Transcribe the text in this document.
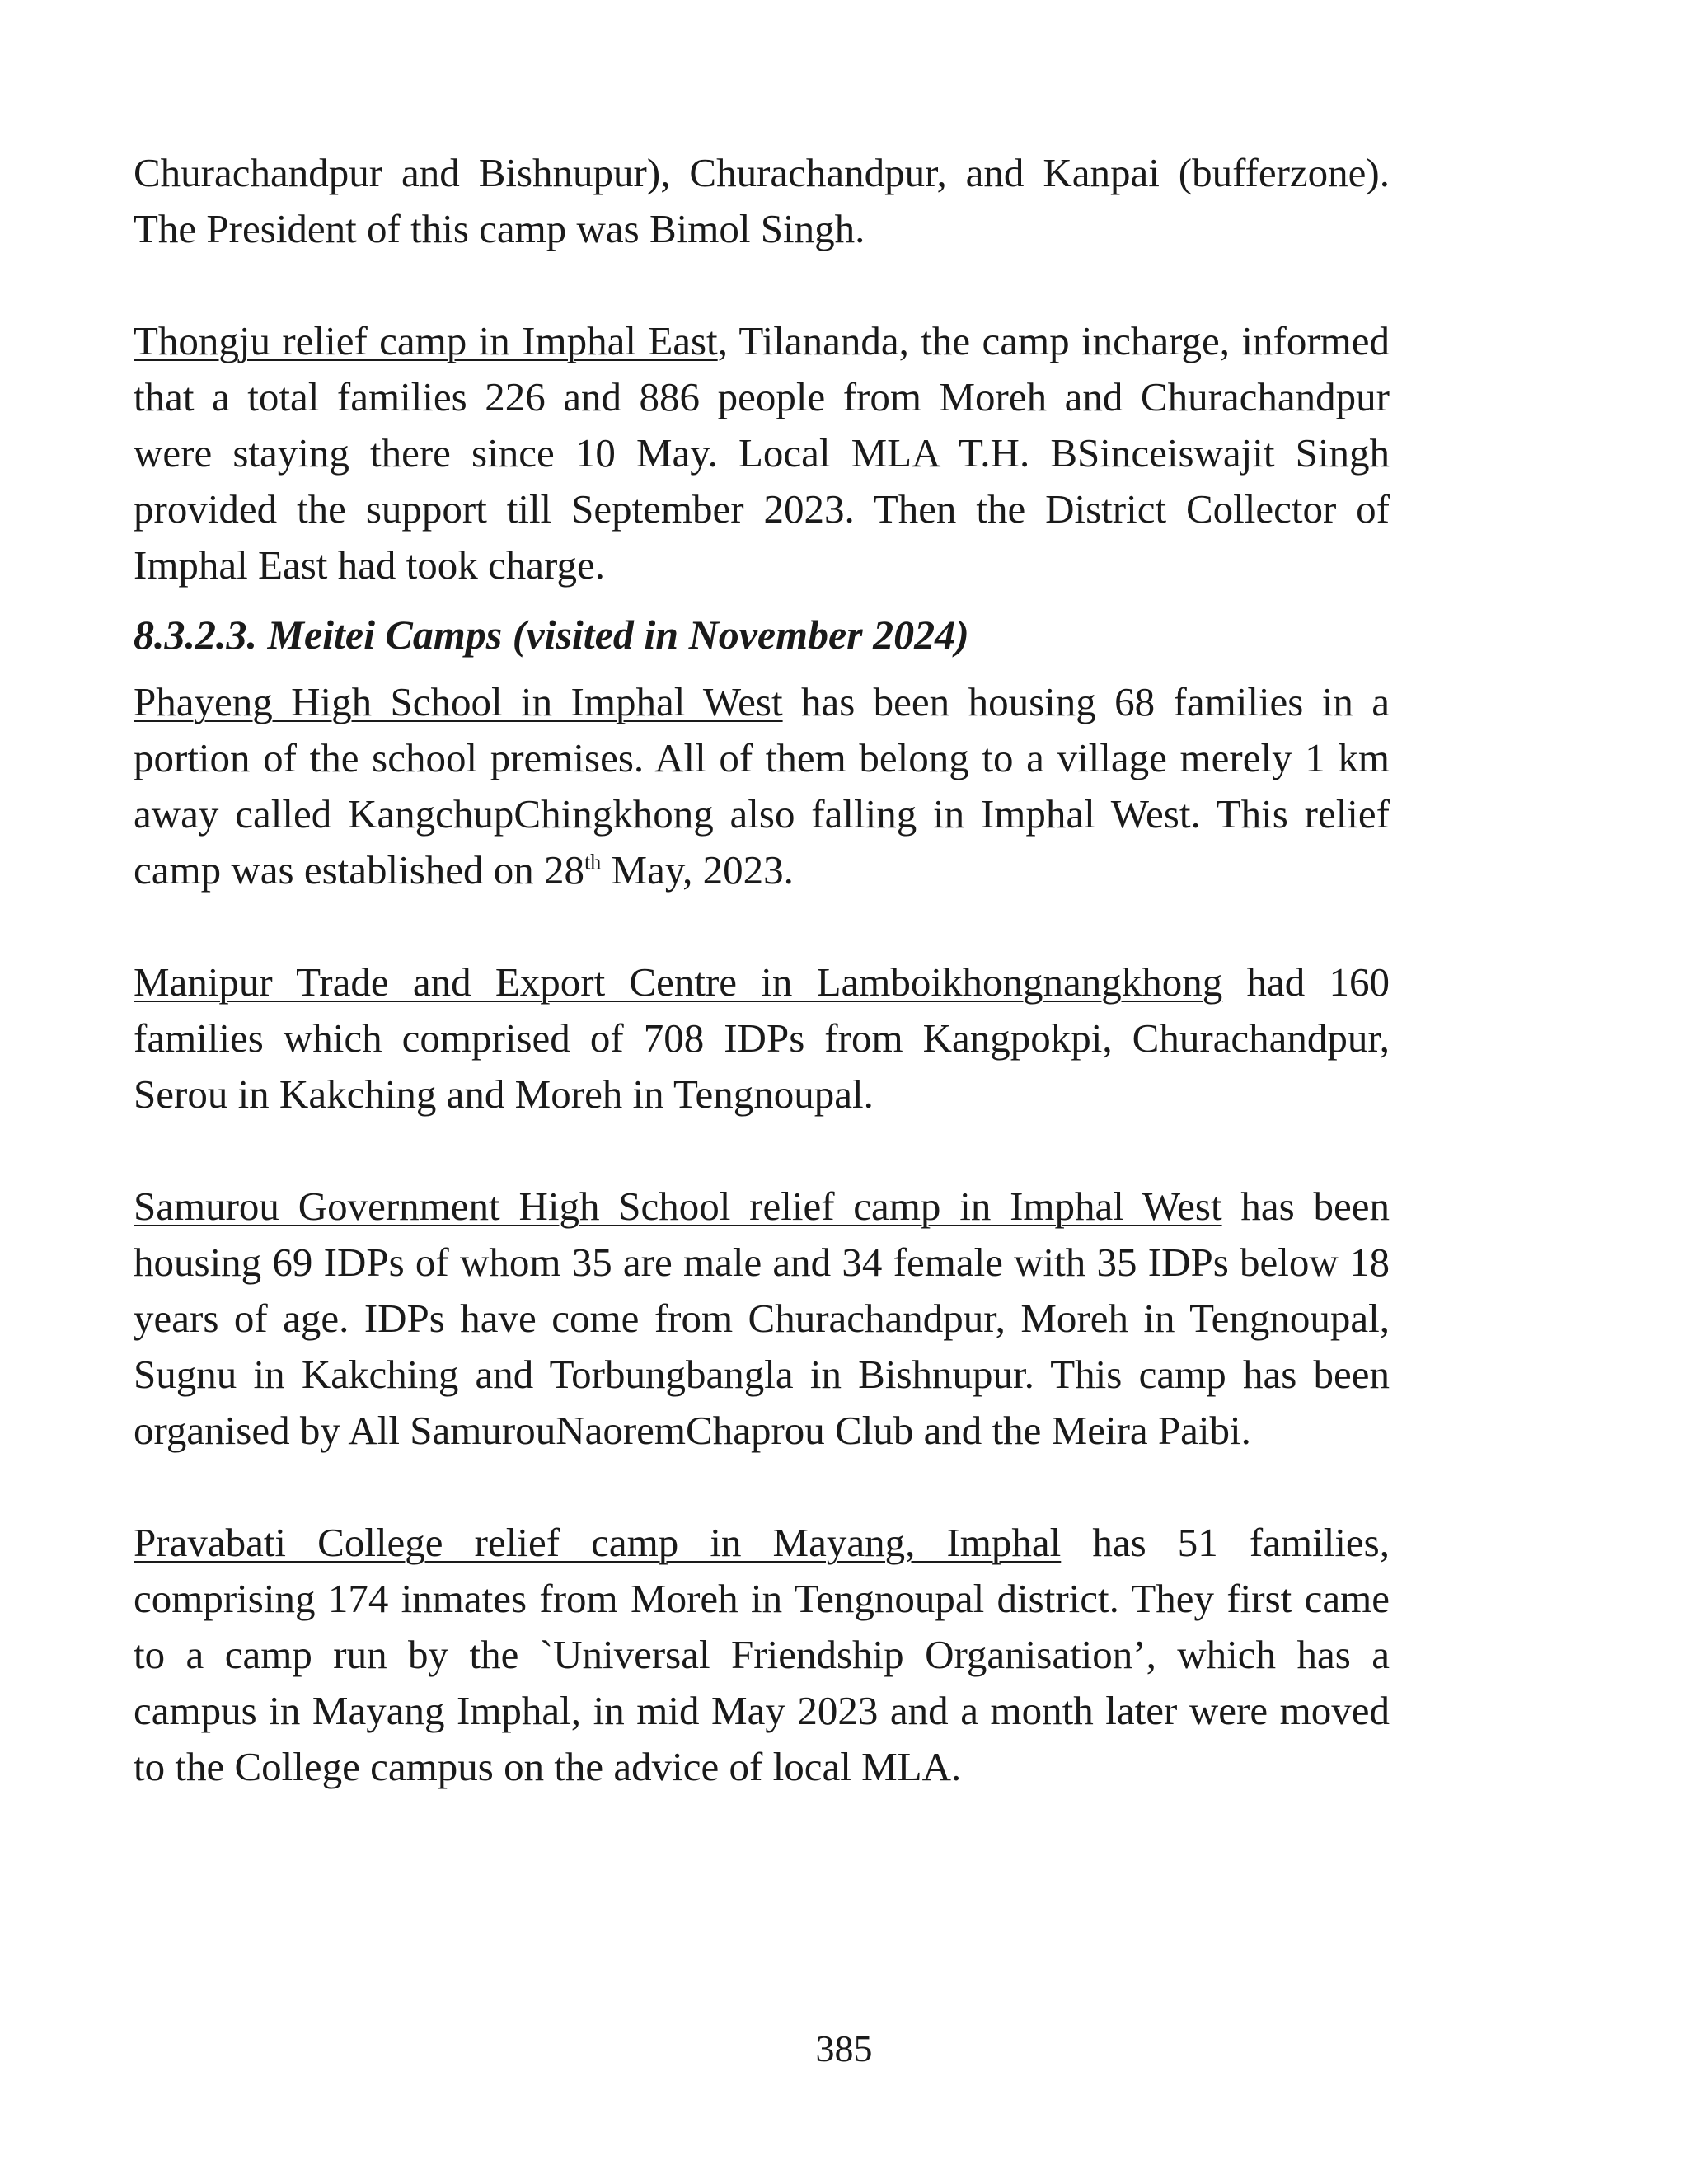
Churachandpur and Bishnupur), Churachandpur, and Kanpai (bufferzone). The President of this camp was Bimol Singh.

Thongju relief camp in Imphal East, Tilananda, the camp incharge, informed that a total families 226 and 886 people from Moreh and Churachandpur were staying there since 10 May. Local MLA T.H. BSinceiswajit Singh provided the support till September 2023. Then the District Collector of Imphal East had took charge.

8.3.2.3. Meitei Camps (visited in November 2024)

Phayeng High School in Imphal West has been housing 68 families in a portion of the school premises. All of them belong to a village merely 1 km away called KangchupChingkhong also falling in Imphal West. This relief camp was established on 28th May, 2023.

Manipur Trade and Export Centre in Lamboikhongnangkhong had 160 families which comprised of 708 IDPs from Kangpokpi, Churachandpur, Serou in Kakching and Moreh in Tengnoupal.

Samurou Government High School relief camp in Imphal West has been housing 69 IDPs of whom 35 are male and 34 female with 35 IDPs below 18 years of age. IDPs have come from Churachandpur, Moreh in Tengnoupal, Sugnu in Kakching and Torbungbangla in Bishnupur. This camp has been organised by All SamurouNaoremChaprou Club and the Meira Paibi.

Pravabati College relief camp in Mayang, Imphal has 51 families, comprising 174 inmates from Moreh in Tengnoupal district. They first came to a camp run by the `Universal Friendship Organisation’, which has a campus in Mayang Imphal, in mid May 2023 and a month later were moved to the College campus on the advice of local MLA.

385
